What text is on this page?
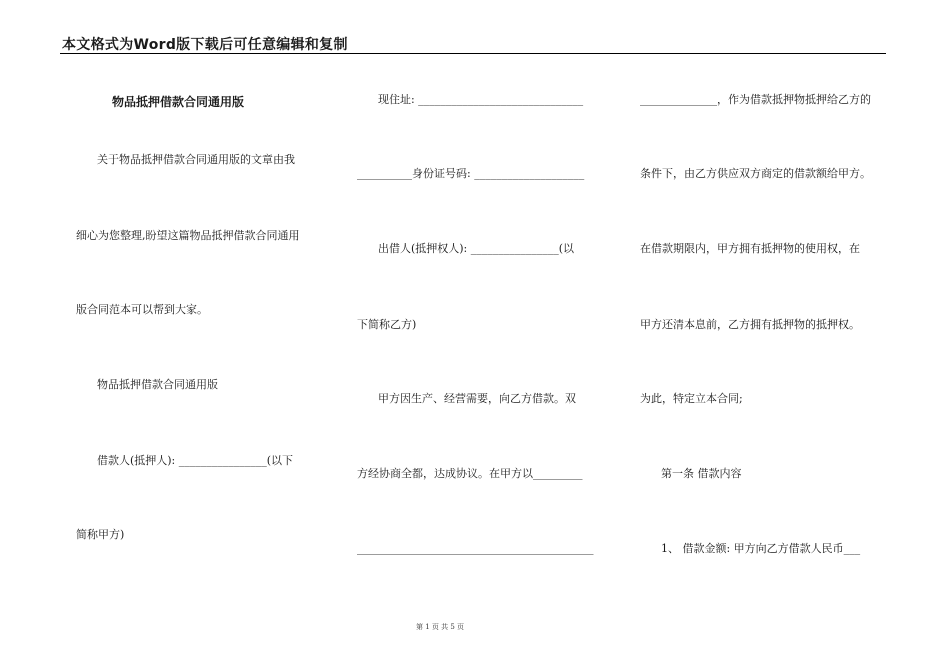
本文格式为Word版下载后可任意编辑和复制
物品抵押借款合同通用版
关于物品抵押借款合同通用版的文章由我
细心为您整理,盼望这篇物品抵押借款合同通用
版合同范本可以帮到大家。
物品抵押借款合同通用版
借款人(抵押人): ________________(以下
简称甲方)
现住址: ______________________________
__________身份证号码: ____________________
出借人(抵押权人): ________________(以
下简称乙方)
甲方因生产、经营需要，向乙方借款。双
方经协商全都，达成协议。在甲方以_________
___________________________________________
______________，作为借款抵押物抵押给乙方的
条件下，由乙方供应双方商定的借款额给甲方。
在借款期限内，甲方拥有抵押物的使用权，在
甲方还清本息前，乙方拥有抵押物的抵押权。
为此，特定立本合同;
第一条 借款内容
1、 借款金额: 甲方向乙方借款人民币___
第 1 页 共 5 页
